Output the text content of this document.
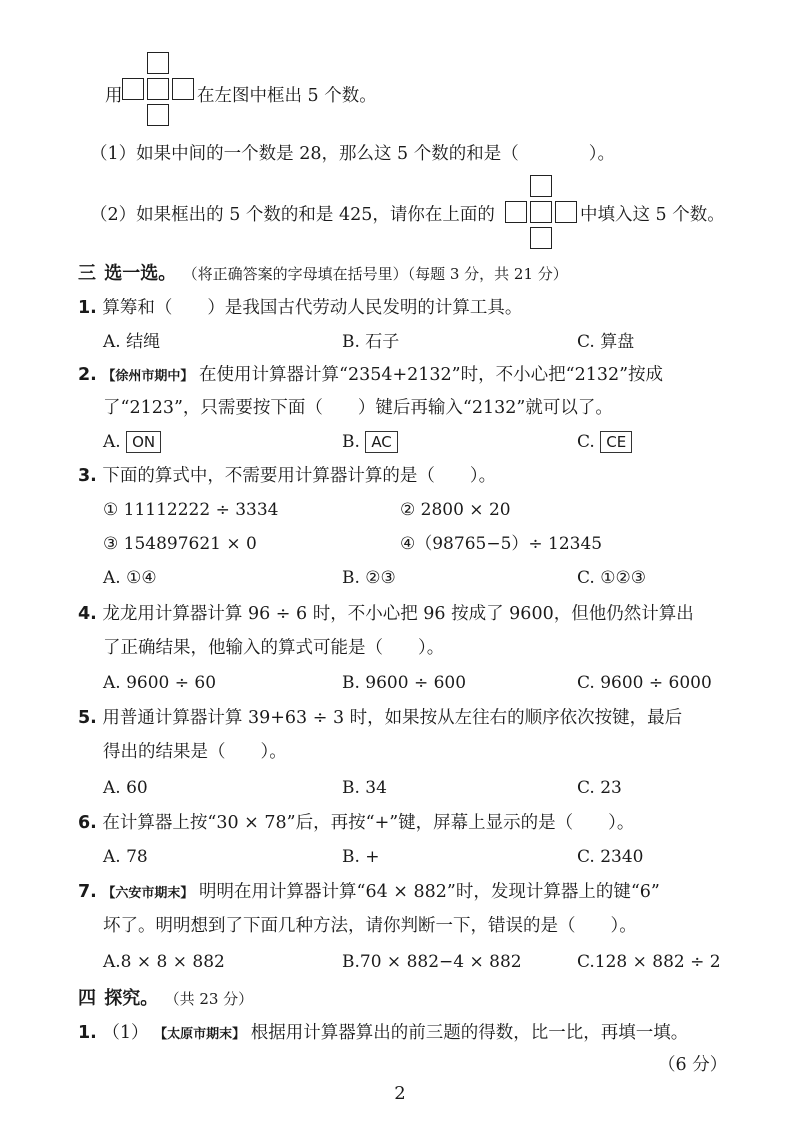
用	在左图中框出 5 个数。
（1）如果中间的一个数是 28，那么这 5 个数的和是（　　　　）。
（2）如果框出的 5 个数的和是 425，请你在上面的	中填入这 5 个数。
三 选一选。 （将正确答案的字母填在括号里）（每题 3 分，共 21 分）
1. 算筹和（　　）是我国古代劳动人民发明的计算工具。
A. 结绳	B. 石子	C. 算盘
2. 【徐州市期中】 在使用计算器计算“2354+2132”时，不小心把“2132”按成
了“2123”，只需要按下面（　　）键后再输入“2132”就可以了。
A. ON	B. AC	C. CE
3. 下面的算式中，不需要用计算器计算的是（　　）。
① 11112222 ÷ 3334	② 2800 × 20
③ 154897621 × 0	④（98765−5）÷ 12345
A. ①④	B. ②③	C. ①②③
4. 龙龙用计算器计算 96 ÷ 6 时，不小心把 96 按成了 9600，但他仍然计算出
了正确结果，他输入的算式可能是（　　）。
A. 9600 ÷ 60	B. 9600 ÷ 600	C. 9600 ÷ 6000
5. 用普通计算器计算 39+63 ÷ 3 时，如果按从左往右的顺序依次按键，最后
得出的结果是（　　）。
A. 60	B. 34	C. 23
6. 在计算器上按“30 × 78”后，再按“+”键，屏幕上显示的是（　　）。
A. 78	B. +	C. 2340
7. 【六安市期末】 明明在用计算器计算“64 × 882”时，发现计算器上的键“6”
坏了。明明想到了下面几种方法，请你判断一下，错误的是（　　）。
A.8 × 8 × 882	B.70 × 882−4 × 882	C.128 × 882 ÷ 2
四 探究。 （共 23 分）
1. （1） 【太原市期末】 根据用计算器算出的前三题的得数，比一比，再填一填。
（6 分）
2
